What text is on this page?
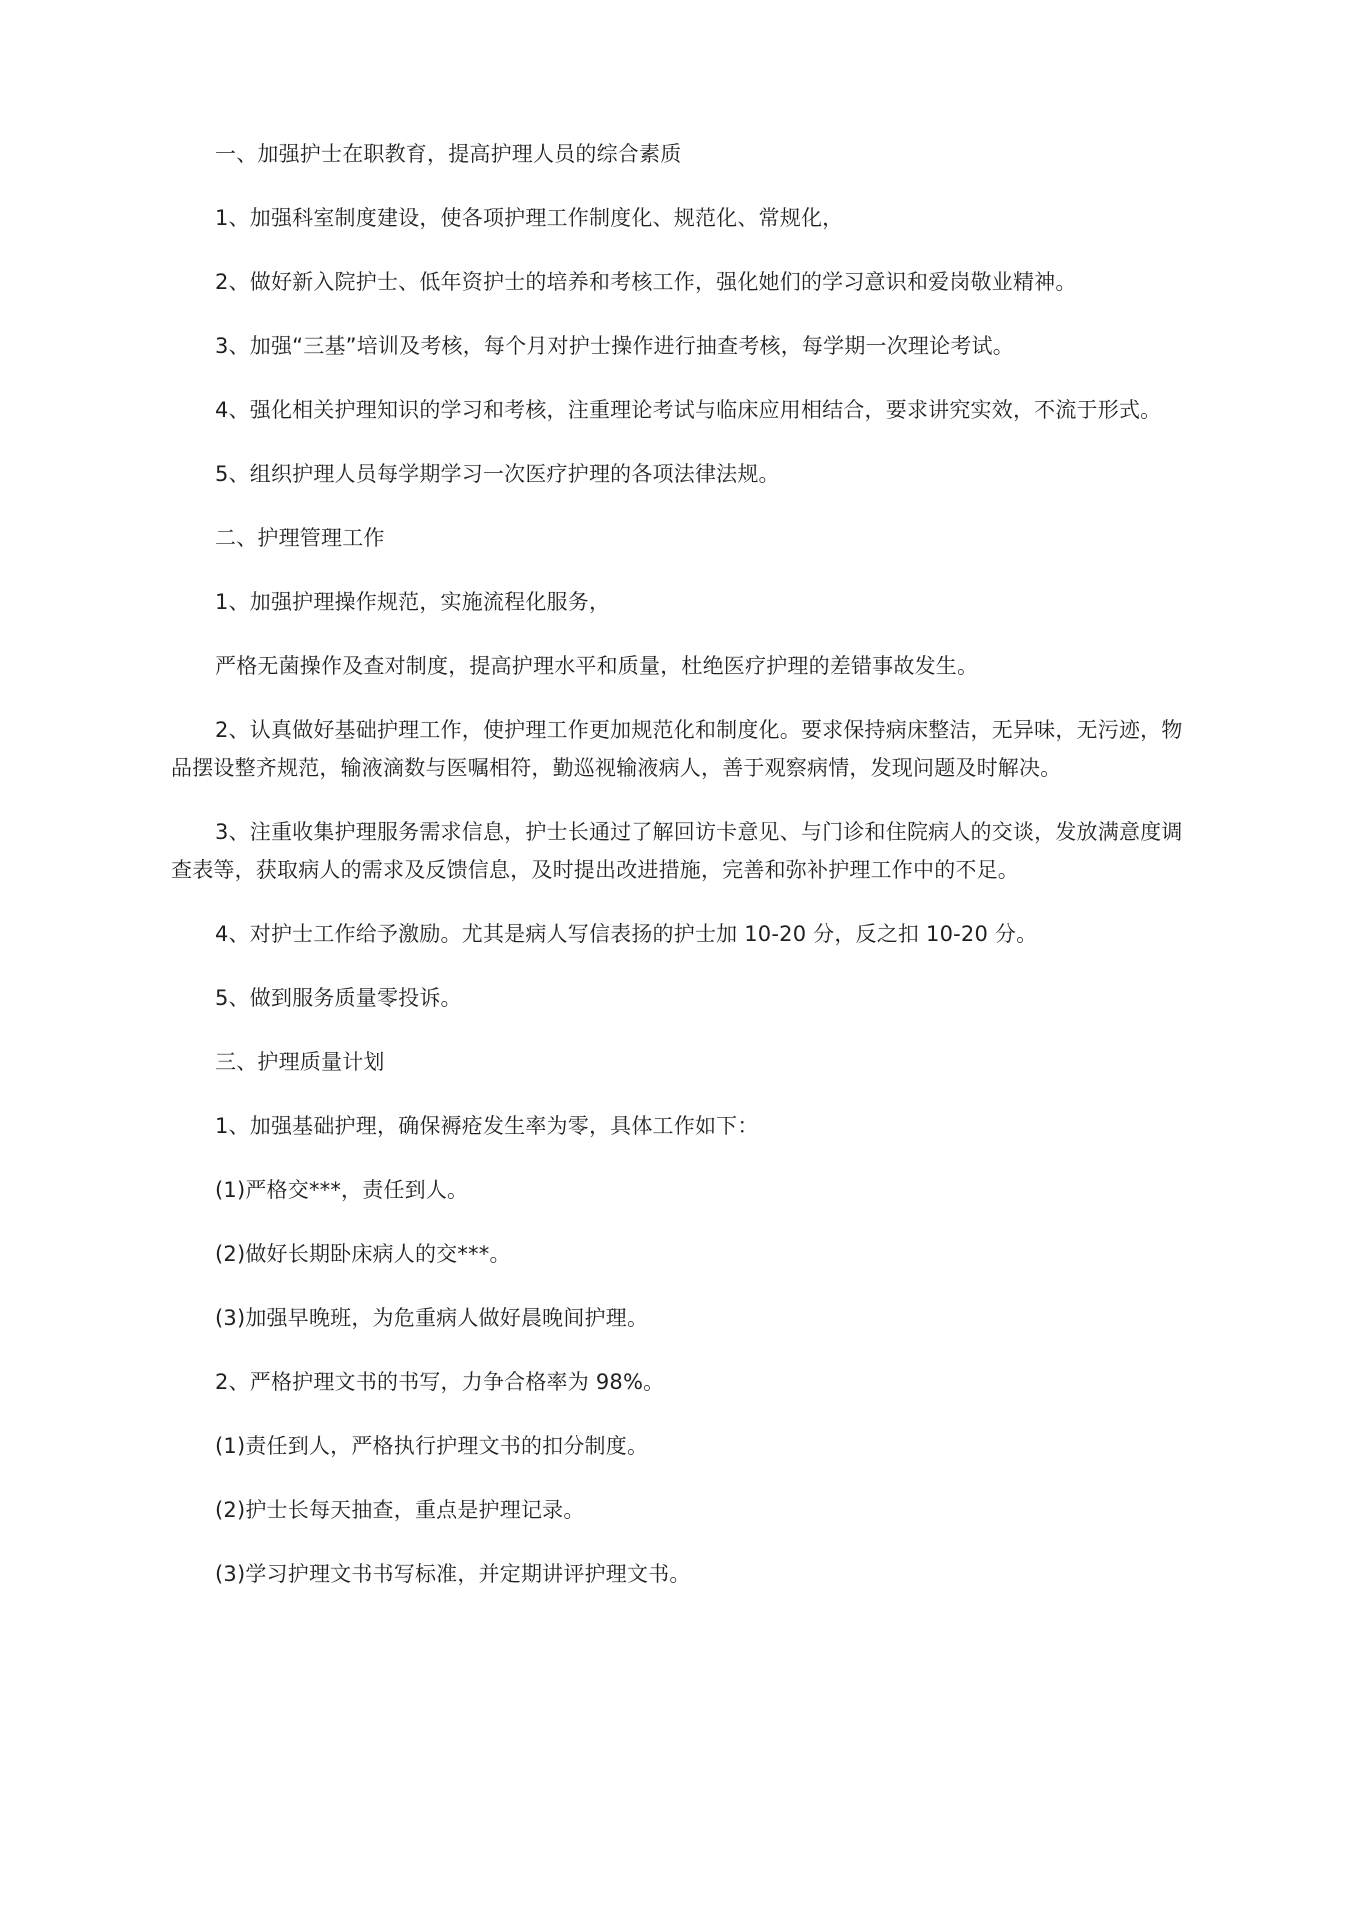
一、加强护士在职教育，提高护理人员的综合素质

1、加强科室制度建设，使各项护理工作制度化、规范化、常规化，

2、做好新入院护士、低年资护士的培养和考核工作，强化她们的学习意识和爱岗敬业精神。

3、加强“三基”培训及考核，每个月对护士操作进行抽查考核，每学期一次理论考试。

4、强化相关护理知识的学习和考核，注重理论考试与临床应用相结合，要求讲究实效，不流于形式。

5、组织护理人员每学期学习一次医疗护理的各项法律法规。

二、护理管理工作

1、加强护理操作规范，实施流程化服务，

严格无菌操作及查对制度，提高护理水平和质量，杜绝医疗护理的差错事故发生。

2、认真做好基础护理工作，使护理工作更加规范化和制度化。要求保持病床整洁，无异味，无污迹，物品摆设整齐规范，输液滴数与医嘱相符，勤巡视输液病人，善于观察病情，发现问题及时解决。

3、注重收集护理服务需求信息，护士长通过了解回访卡意见、与门诊和住院病人的交谈，发放满意度调查表等，获取病人的需求及反馈信息，及时提出改进措施，完善和弥补护理工作中的不足。

4、对护士工作给予激励。尤其是病人写信表扬的护士加 10-20 分，反之扣 10-20 分。

5、做到服务质量零投诉。

三、护理质量计划

1、加强基础护理，确保褥疮发生率为零，具体工作如下：

(1)严格交***，责任到人。

(2)做好长期卧床病人的交***。

(3)加强早晚班，为危重病人做好晨晚间护理。

2、严格护理文书的书写，力争合格率为 98%。

(1)责任到人，严格执行护理文书的扣分制度。

(2)护士长每天抽查，重点是护理记录。

(3)学习护理文书书写标准，并定期讲评护理文书。
